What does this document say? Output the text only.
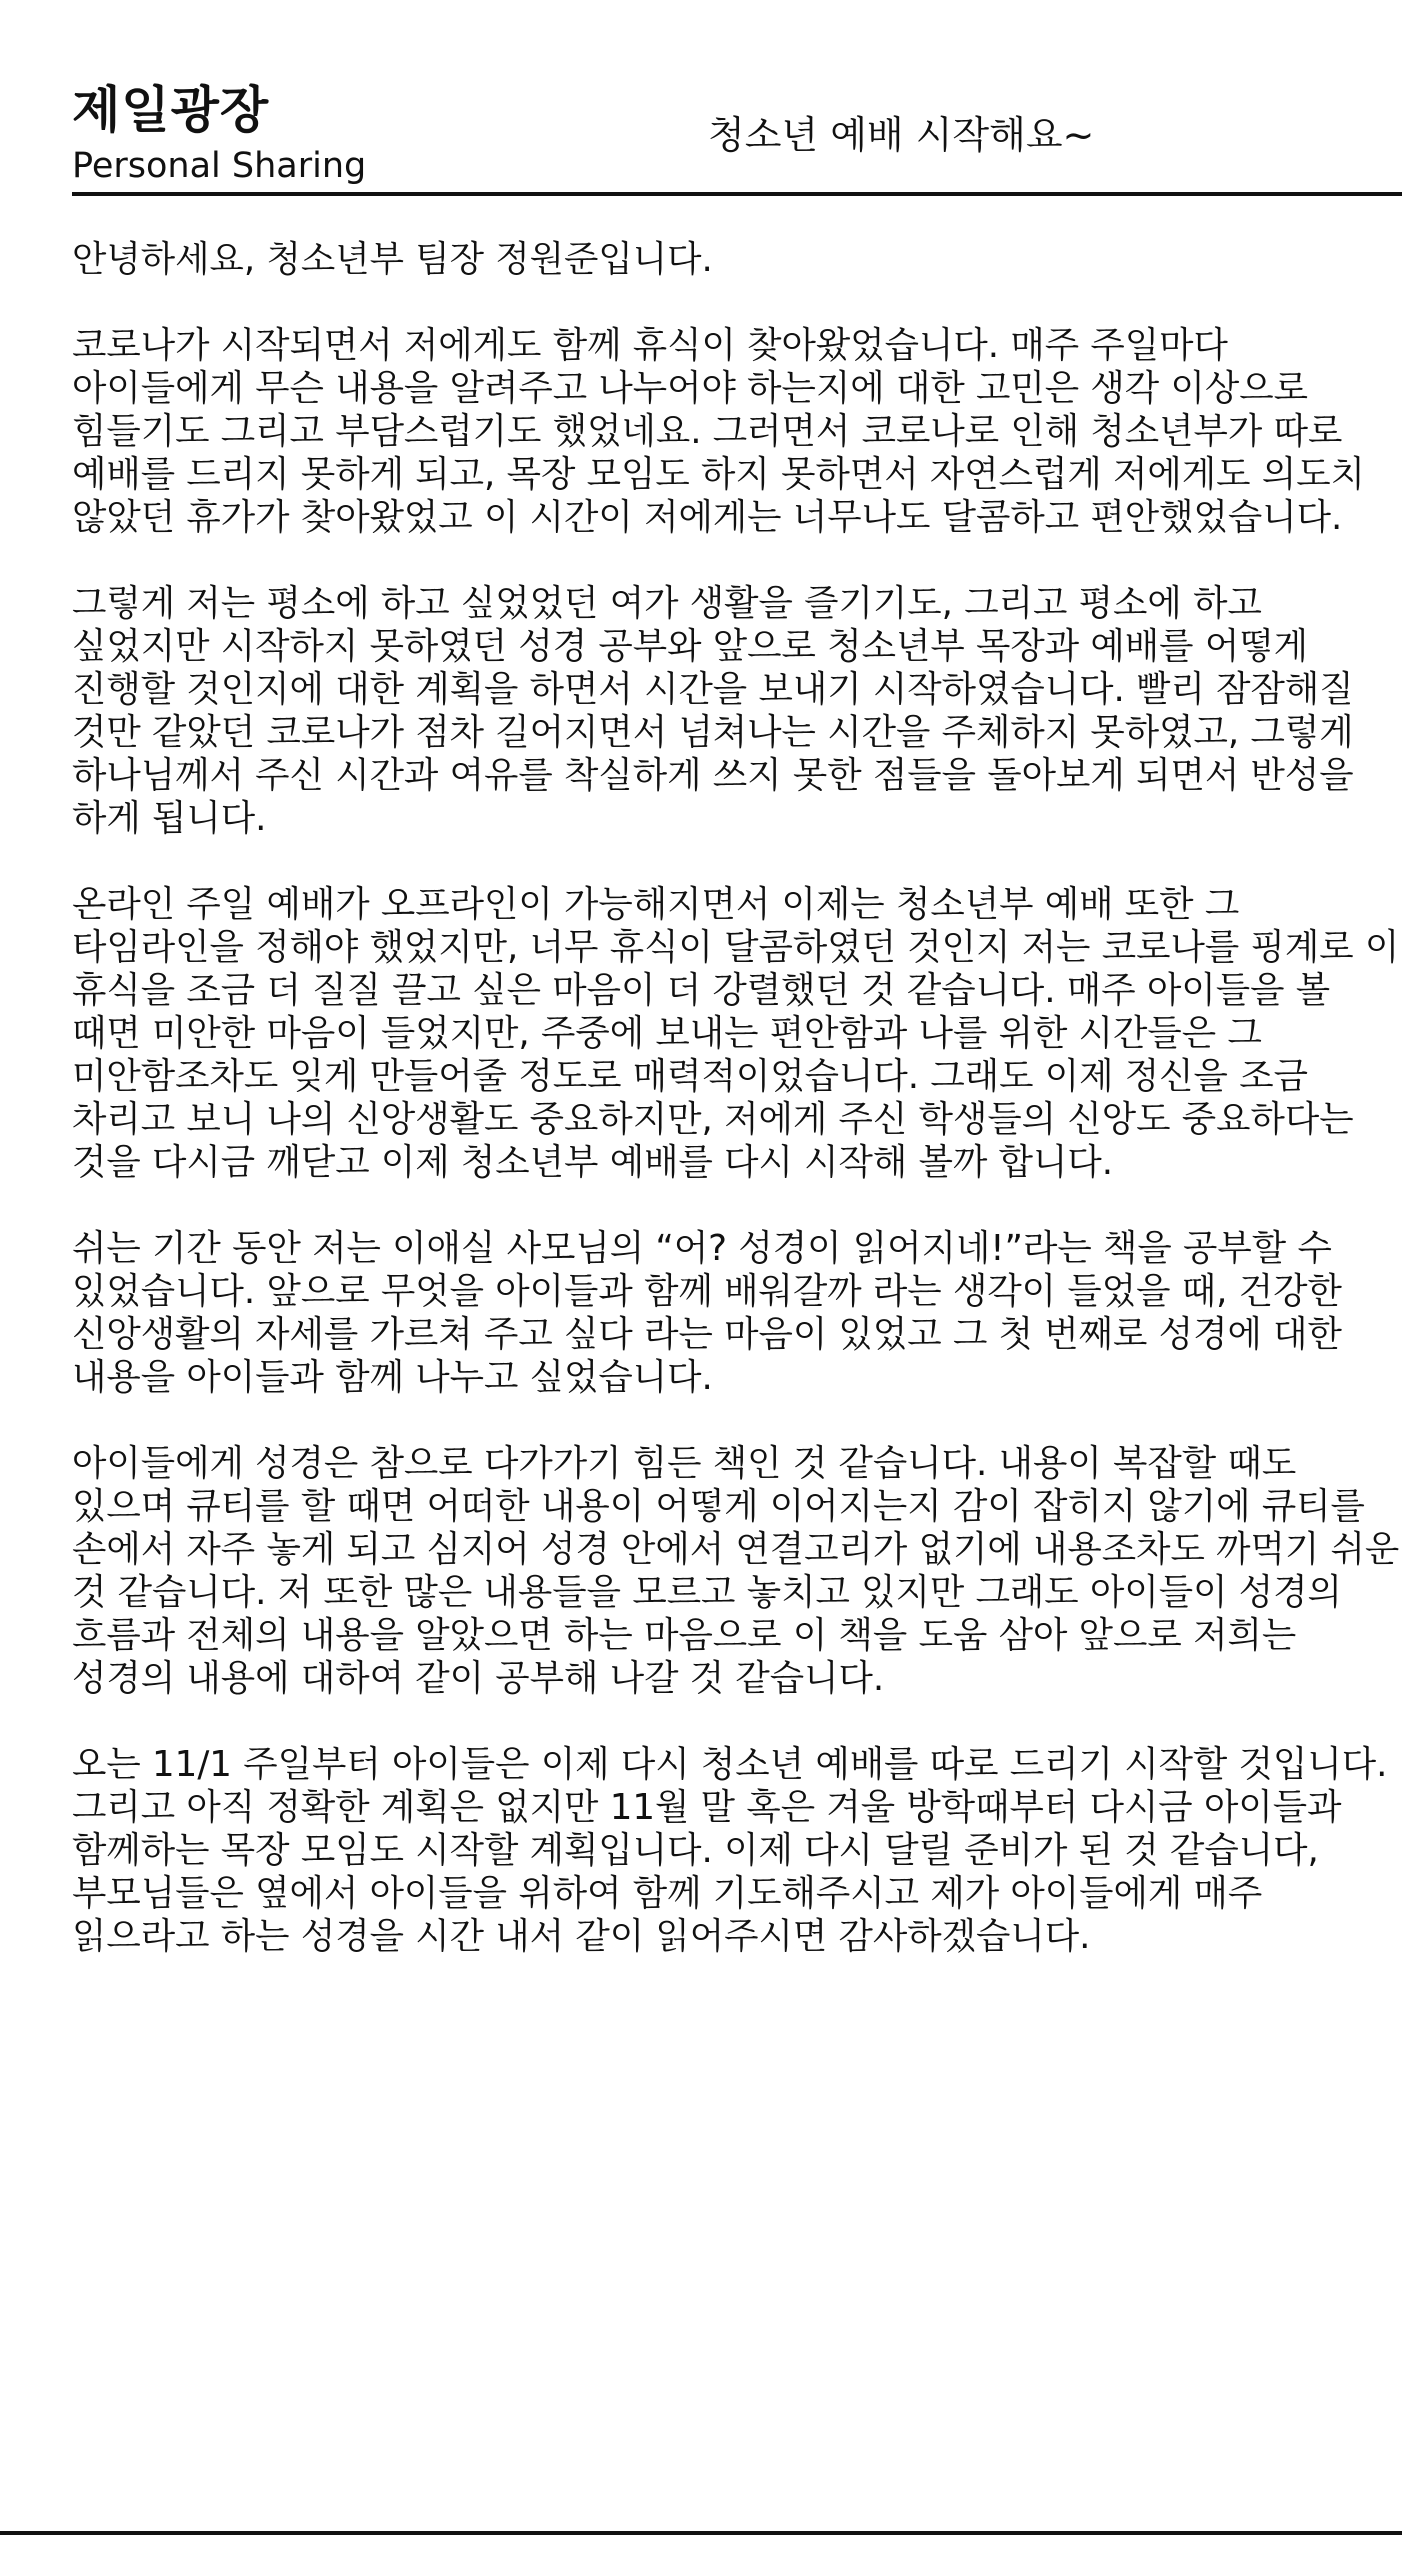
제일광장
Personal Sharing
청소년 예배 시작해요~

안녕하세요, 청소년부 팀장 정원준입니다.

코로나가 시작되면서 저에게도 함께 휴식이 찾아왔었습니다. 매주 주일마다 아이들에게 무슨 내용을 알려주고 나누어야 하는지에 대한 고민은 생각 이상으로 힘들기도 그리고 부담스럽기도 했었네요. 그러면서 코로나로 인해 청소년부가 따로 예배를 드리지 못하게 되고, 목장 모임도 하지 못하면서 자연스럽게 저에게도 의도치 않았던 휴가가 찾아왔었고 이 시간이 저에게는 너무나도 달콤하고 편안했었습니다.

그렇게 저는 평소에 하고 싶었었던 여가 생활을 즐기기도, 그리고 평소에 하고 싶었지만 시작하지 못하였던 성경 공부와 앞으로 청소년부 목장과 예배를 어떻게 진행할 것인지에 대한 계획을 하면서 시간을 보내기 시작하였습니다. 빨리 잠잠해질 것만 같았던 코로나가 점차 길어지면서 넘쳐나는 시간을 주체하지 못하였고, 그렇게 하나님께서 주신 시간과 여유를 착실하게 쓰지 못한 점들을 돌아보게 되면서 반성을 하게 됩니다.

온라인 주일 예배가 오프라인이 가능해지면서 이제는 청소년부 예배 또한 그 타임라인을 정해야 했었지만, 너무 휴식이 달콤하였던 것인지 저는 코로나를 핑계로 이 휴식을 조금 더 질질 끌고 싶은 마음이 더 강렬했던 것 같습니다. 매주 아이들을 볼 때면 미안한 마음이 들었지만, 주중에 보내는 편안함과 나를 위한 시간들은 그 미안함조차도 잊게 만들어줄 정도로 매력적이었습니다. 그래도 이제 정신을 조금 차리고 보니 나의 신앙생활도 중요하지만, 저에게 주신 학생들의 신앙도 중요하다는 것을 다시금 깨닫고 이제 청소년부 예배를 다시 시작해 볼까 합니다.

쉬는 기간 동안 저는 이애실 사모님의 “어? 성경이 읽어지네!”라는 책을 공부할 수 있었습니다. 앞으로 무엇을 아이들과 함께 배워갈까 라는 생각이 들었을 때, 건강한 신앙생활의 자세를 가르쳐 주고 싶다 라는 마음이 있었고 그 첫 번째로 성경에 대한 내용을 아이들과 함께 나누고 싶었습니다.

아이들에게 성경은 참으로 다가가기 힘든 책인 것 같습니다. 내용이 복잡할 때도 있으며 큐티를 할 때면 어떠한 내용이 어떻게 이어지는지 감이 잡히지 않기에 큐티를 손에서 자주 놓게 되고 심지어 성경 안에서 연결고리가 없기에 내용조차도 까먹기 쉬운 것 같습니다. 저 또한 많은 내용들을 모르고 놓치고 있지만 그래도 아이들이 성경의 흐름과 전체의 내용을 알았으면 하는 마음으로 이 책을 도움 삼아 앞으로 저희는 성경의 내용에 대하여 같이 공부해 나갈 것 같습니다.

오는 11/1 주일부터 아이들은 이제 다시 청소년 예배를 따로 드리기 시작할 것입니다. 그리고 아직 정확한 계획은 없지만 11월 말 혹은 겨울 방학때부터 다시금 아이들과 함께하는 목장 모임도 시작할 계획입니다. 이제 다시 달릴 준비가 된 것 같습니다, 부모님들은 옆에서 아이들을 위하여 함께 기도해주시고 제가 아이들에게 매주 읽으라고 하는 성경을 시간 내서 같이 읽어주시면 감사하겠습니다.
